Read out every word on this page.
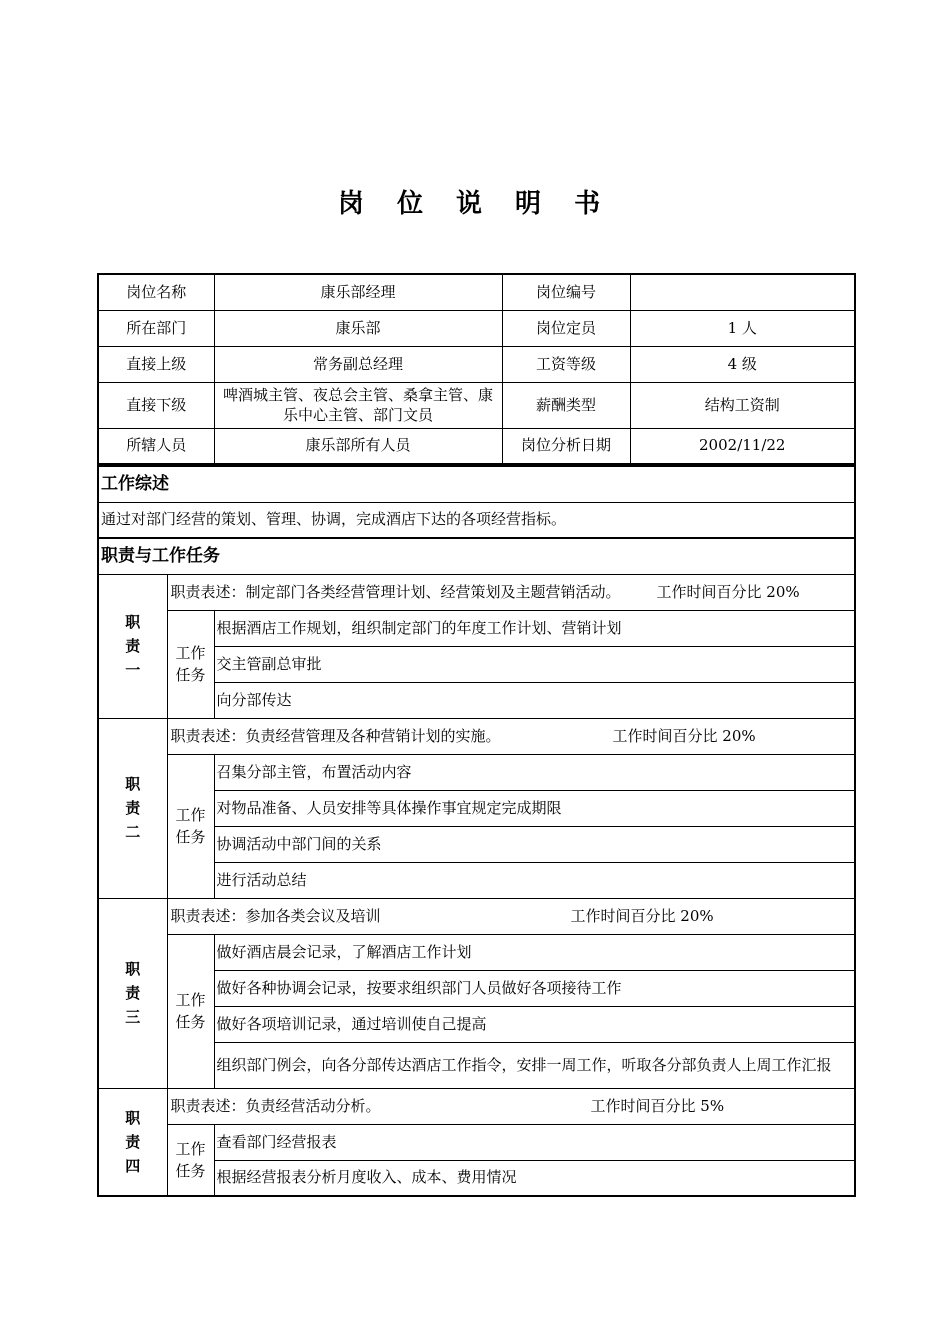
岗 位 说 明 书
岗位名称	康乐部经理	岗位编号	
所在部门	康乐部	岗位定员	1 人
直接上级	常务副总经理	工资等级	4 级
直接下级	啤酒城主管、夜总会主管、桑拿主管、康乐中心主管、部门文员	薪酬类型	结构工资制
所辖人员	康乐部所有人员	岗位分析日期	2002/11/22
工作综述		
通过对部门经营的策划、管理、协调，完成酒店下达的各项经营指标。		
职责与工作任务		

职
责
一	职责表述：制定部门各类经营管理计划、经营策划及主题营销活动。 工作时间百分比 20%	

	工作
任务	根据酒店工作规划，组织制定部门的年度工作计划、营销计划
		交主管副总审批
		向分部传达

职
责
二	职责表述：负责经营管理及各种营销计划的实施。 工作时间百分比 20%	

	工作
任务	召集分部主管，布置活动内容
		对物品准备、人员安排等具体操作事宜规定完成期限
		协调活动中部门间的关系
		进行活动总结

职
责
三	职责表述：参加各类会议及培训 工作时间百分比 20%	

	工作
任务	做好酒店晨会记录，了解酒店工作计划
		做好各种协调会记录，按要求组织部门人员做好各项接待工作
		做好各项培训记录，通过培训使自己提高
		组织部门例会，向各分部传达酒店工作指令，安排一周工作，听取各分部负责人上周工作汇报

职
责
四	职责表述：负责经营活动分析。 工作时间百分比 5%	

	工作
任务	查看部门经营报表
		根据经营报表分析月度收入、成本、费用情况
